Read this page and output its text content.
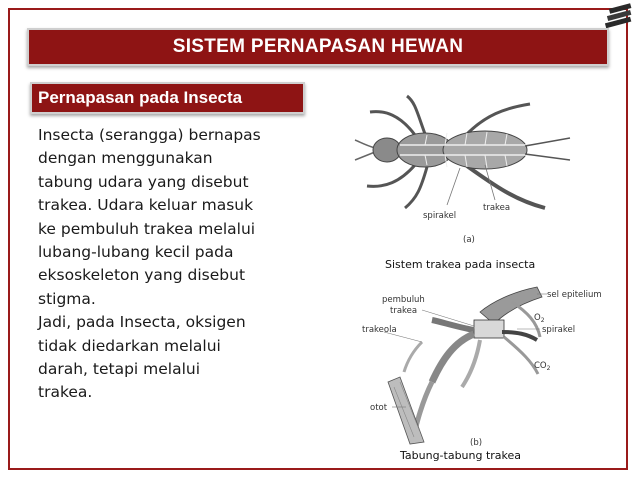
SISTEM PERNAPASAN HEWAN
Pernapasan pada Insecta
Insecta (serangga) bernapas
dengan menggunakan
tabung udara yang disebut
trakea. Udara keluar masuk
ke pembuluh trakea melalui
lubang-lubang kecil pada
eksoskeleton yang disebut
stigma.
Jadi, pada Insecta, oksigen
tidak diedarkan melalui
darah, tetapi melalui
trakea.
spirakel
trakea
(a)
Sistem trakea pada insecta
pembuluh
trakea
trakeola
sel epitelium
$O_2$
spirakel
$CO_2$
otot
(b)
Tabung-tabung trakea
